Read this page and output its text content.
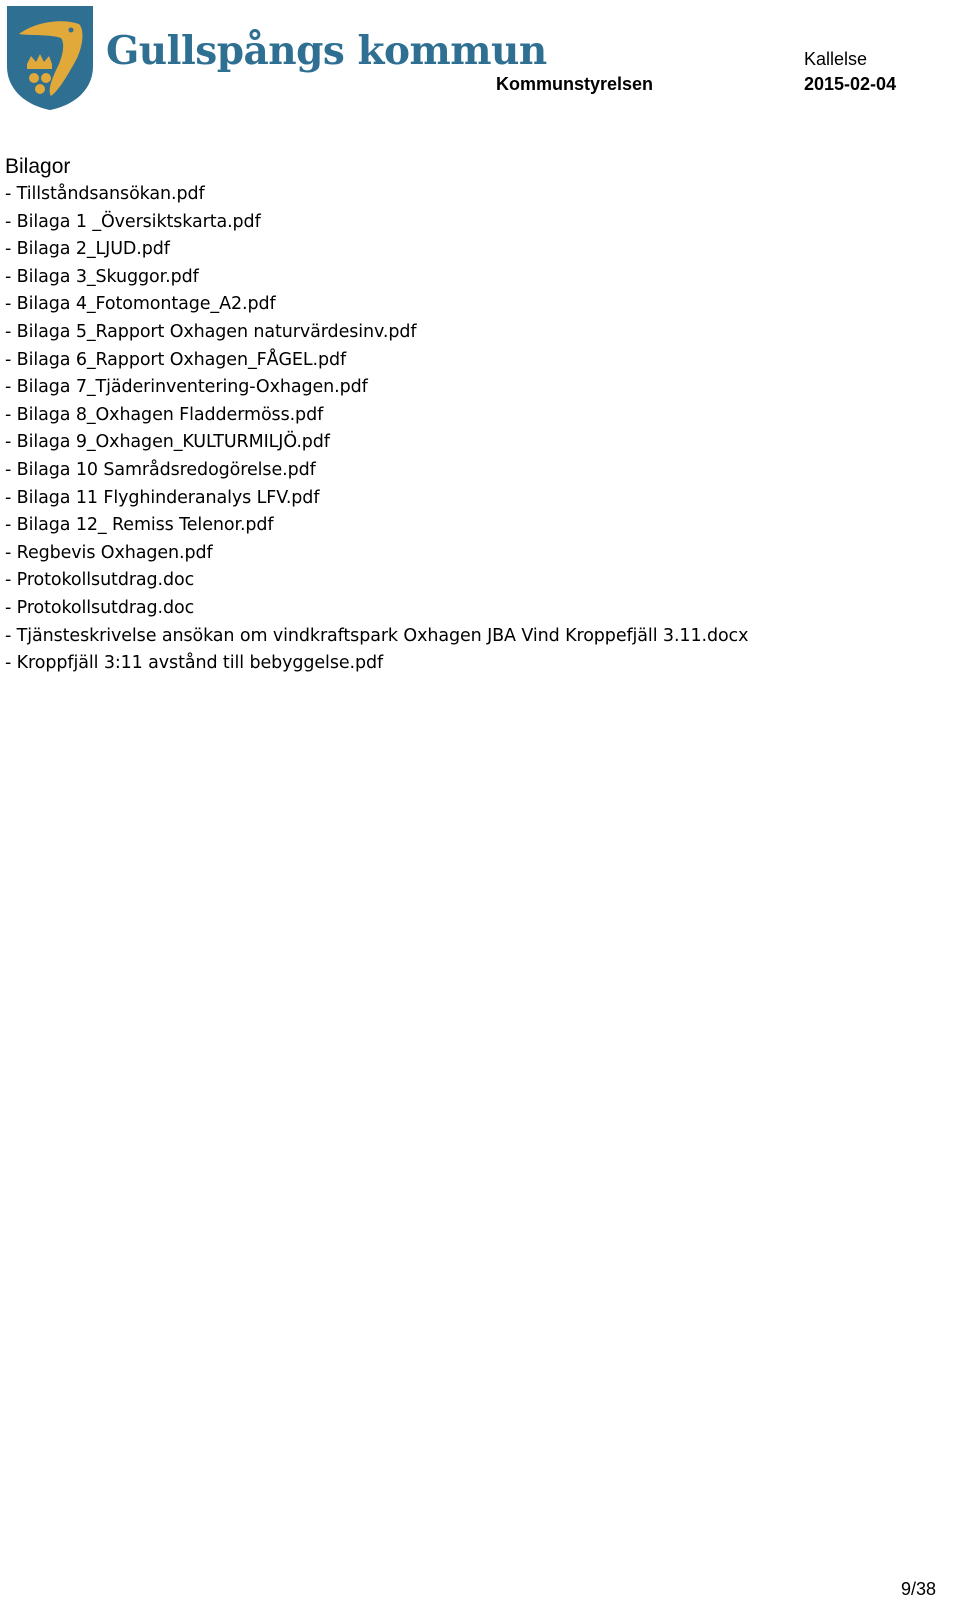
Gullspångs kommun	Kallelse
Kommunstyrelsen	2015-02-04
Bilagor
- Tillståndsansökan.pdf
- Bilaga 1 _Översiktskarta.pdf
- Bilaga 2_LJUD.pdf
- Bilaga 3_Skuggor.pdf
- Bilaga 4_Fotomontage_A2.pdf
- Bilaga 5_Rapport Oxhagen naturvärdesinv.pdf
- Bilaga 6_Rapport Oxhagen_FÅGEL.pdf
- Bilaga 7_Tjäderinventering-Oxhagen.pdf
- Bilaga 8_Oxhagen Fladdermöss.pdf
- Bilaga 9_Oxhagen_KULTURMILJÖ.pdf
- Bilaga 10 Samrådsredogörelse.pdf
- Bilaga 11 Flyghinderanalys LFV.pdf
- Bilaga 12_ Remiss Telenor.pdf
- Regbevis Oxhagen.pdf
- Protokollsutdrag.doc
- Protokollsutdrag.doc
- Tjänsteskrivelse ansökan om vindkraftspark Oxhagen JBA Vind Kroppefjäll 3.11.docx
- Kroppfjäll 3:11 avstånd till bebyggelse.pdf
9/38
